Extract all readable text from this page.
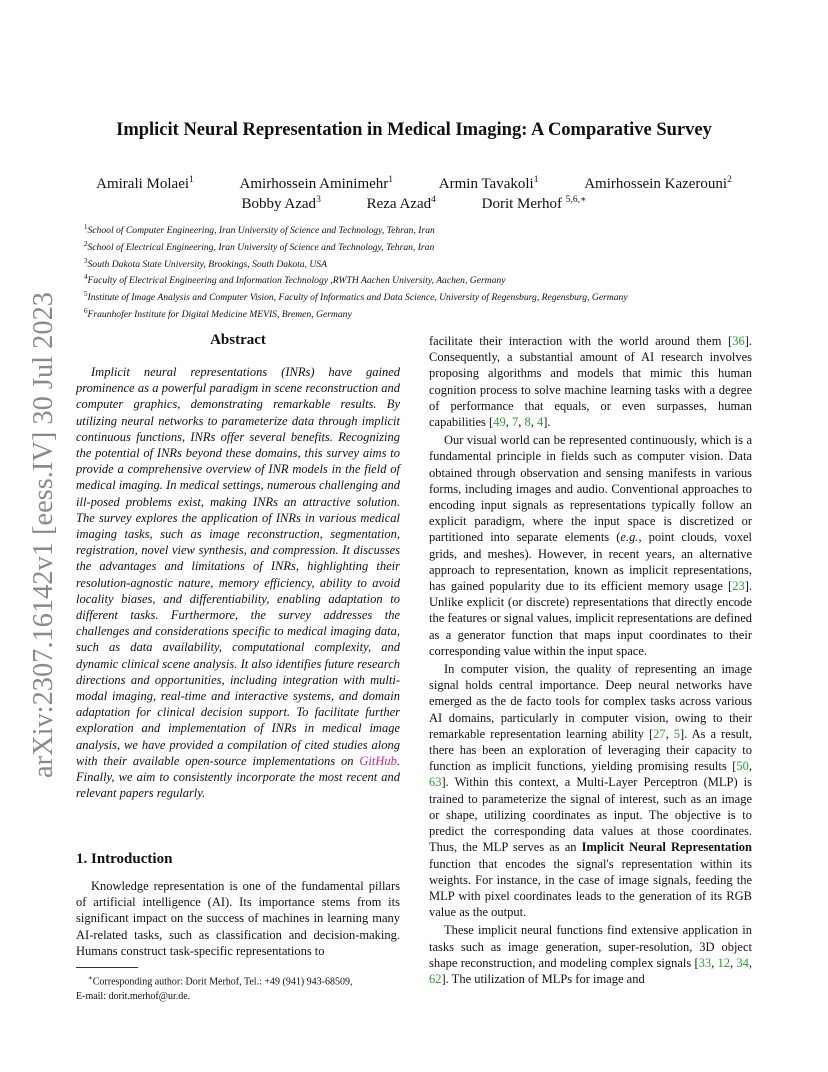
arXiv:2307.16142v1 [eess.IV] 30 Jul 2023
Implicit Neural Representation in Medical Imaging: A Comparative Survey
Amirali Molaei$^1$	Amirhossein Aminimehr$^1$	Armin Tavakoli$^1$	Amirhossein Kazerouni$^2$
Bobby Azad$^3$	Reza Azad$^4$	Dorit Merhof $^{5,6,∗}$
$^1$School of Computer Engineering, Iran University of Science and Technology, Tehran, Iran
$^2$School of Electrical Engineering, Iran University of Science and Technology, Tehran, Iran
$^3$South Dakota State University, Brookings, South Dakota, USA
$^4$Faculty of Electrical Engineering and Information Technology ,RWTH Aachen University, Aachen, Germany
$^5$Institute of Image Analysis and Computer Vision, Faculty of Informatics and Data Science, University of Regensburg, Regensburg, Germany
$^6$Fraunhofer Institute for Digital Medicine MEVIS, Bremen, Germany
Abstract
Implicit neural representations (INRs) have gained prominence as a powerful paradigm in scene reconstruction and computer graphics, demonstrating remarkable results. By utilizing neural networks to parameterize data through implicit continuous functions, INRs offer several benefits. Recognizing the potential of INRs beyond these domains, this survey aims to provide a comprehensive overview of INR models in the field of medical imaging. In medical settings, numerous challenging and ill-posed problems exist, making INRs an attractive solution. The survey explores the application of INRs in various medical imaging tasks, such as image reconstruction, segmentation, registration, novel view synthesis, and compression. It discusses the advantages and limitations of INRs, highlighting their resolution-agnostic nature, memory efficiency, ability to avoid locality biases, and differentiability, enabling adaptation to different tasks. Furthermore, the survey addresses the challenges and considerations specific to medical imaging data, such as data availability, computational complexity, and dynamic clinical scene analysis. It also identifies future research directions and opportunities, including integration with multi-modal imaging, real-time and interactive systems, and domain adaptation for clinical decision support. To facilitate further exploration and implementation of INRs in medical image analysis, we have provided a compilation of cited studies along with their available open-source implementations on GitHub. Finally, we aim to consistently incorporate the most recent and relevant papers regularly.
1. Introduction
Knowledge representation is one of the fundamental pillars of artificial intelligence (AI). Its importance stems from its significant impact on the success of machines in learning many AI-related tasks, such as classification and decision-making. Humans construct task-specific representations to
∗Corresponding author: Dorit Merhof, Tel.: +49 (941) 943-68509,
E-mail: dorit.merhof@ur.de.

facilitate their interaction with the world around them [36]. Consequently, a substantial amount of AI research involves proposing algorithms and models that mimic this human cognition process to solve machine learning tasks with a degree of performance that equals, or even surpasses, human capabilities [49, 7, 8, 4].

Our visual world can be represented continuously, which is a fundamental principle in fields such as computer vision. Data obtained through observation and sensing manifests in various forms, including images and audio. Conventional approaches to encoding input signals as representations typically follow an explicit paradigm, where the input space is discretized or partitioned into separate elements (e.g., point clouds, voxel grids, and meshes). However, in recent years, an alternative approach to representation, known as implicit representations, has gained popularity due to its efficient memory usage [23]. Unlike explicit (or discrete) representations that directly encode the features or signal values, implicit representations are defined as a generator function that maps input coordinates to their corresponding value within the input space.

In computer vision, the quality of representing an image signal holds central importance. Deep neural networks have emerged as the de facto tools for complex tasks across various AI domains, particularly in computer vision, owing to their remarkable representation learning ability [27, 5]. As a result, there has been an exploration of leveraging their capacity to function as implicit functions, yielding promising results [50, 63]. Within this context, a Multi-Layer Perceptron (MLP) is trained to parameterize the signal of interest, such as an image or shape, utilizing coordinates as input. The objective is to predict the corresponding data values at those coordinates. Thus, the MLP serves as an Implicit Neural Representation function that encodes the signal's representation within its weights. For instance, in the case of image signals, feeding the MLP with pixel coordinates leads to the generation of its RGB value as the output.

These implicit neural functions find extensive application in tasks such as image generation, super-resolution, 3D object shape reconstruction, and modeling complex signals [33, 12, 34, 62]. The utilization of MLPs for image and
